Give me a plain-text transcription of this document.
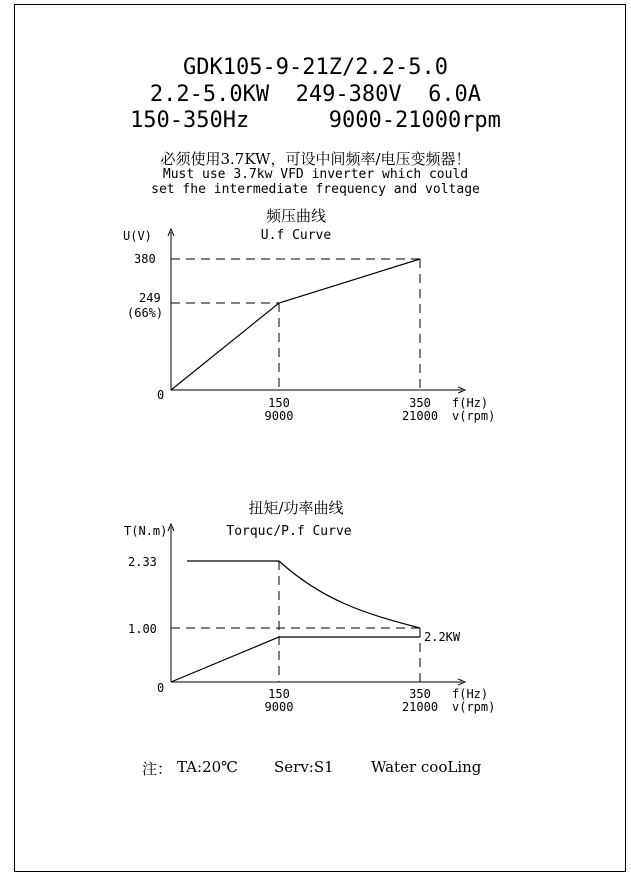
GDK105-9-21Z/2.2-5.0
2.2-5.0KW  249-380V  6.0A
150-350Hz      9000-21000rpm
必须使用3.7KW，可设中间频率/电压变频器！
Must use 3.7kw VFD inverter which could
set fhe intermediate frequency and voltage
频压曲线
U.f Curve
U(V)
380
249
(66%)
0
150
9000
350
21000
f(Hz)
v(rpm)
扭矩/功率曲线
Torquc/P.f Curve
T(N.m)
2.33
1.00
0	150
9000
350
21000
f(Hz)
v(rpm)
2.2KW
注： TA:20℃ Serv:S1 Water cooLing
